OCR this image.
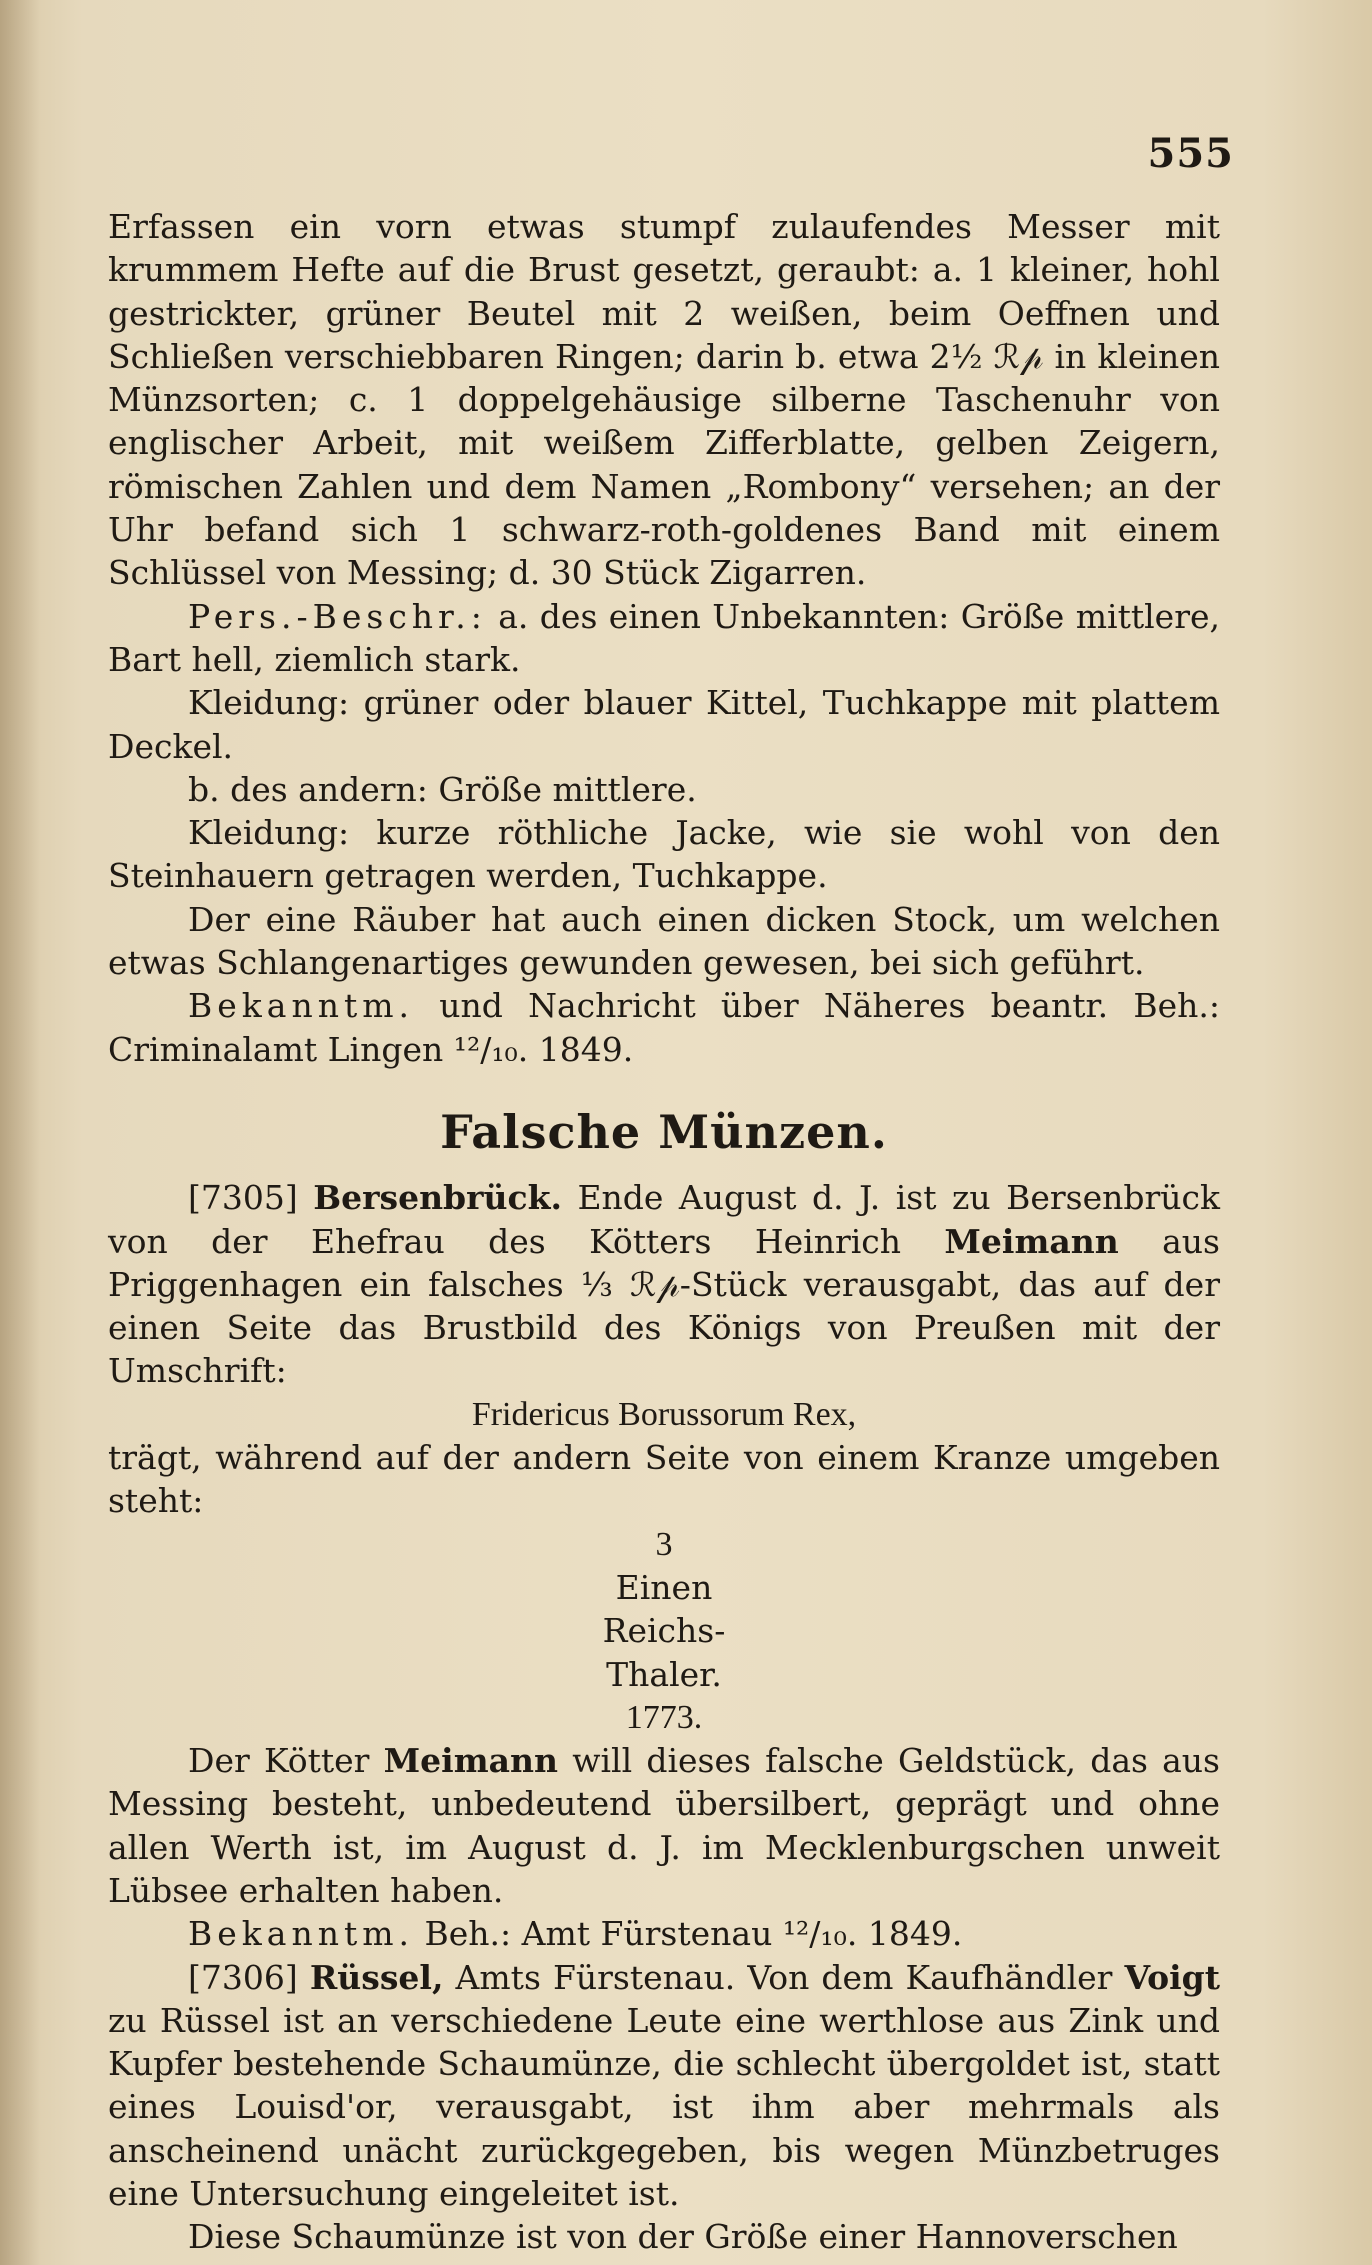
555

Erfassen ein vorn etwas stumpf zulaufendes Messer mit krummem Hefte auf die Brust gesetzt, geraubt: a. 1 kleiner, hohl gestrickter, grüner Beutel mit 2 weißen, beim Oeffnen und Schließen verschiebbaren Ringen; darin b. etwa 2½ ℛ𝓅 in kleinen Münzsorten; c. 1 doppelgehäusige silberne Taschenuhr von englischer Arbeit, mit weißem Zifferblatte, gelben Zeigern, römischen Zahlen und dem Namen „Rombony“ versehen; an der Uhr befand sich 1 schwarz-roth-goldenes Band mit einem Schlüssel von Messing; d. 30 Stück Zigarren.

Pers.-Beschr.: a. des einen Unbekannten: Größe mittlere, Bart hell, ziemlich stark.

Kleidung: grüner oder blauer Kittel, Tuchkappe mit plattem Deckel.

b. des andern: Größe mittlere.

Kleidung: kurze röthliche Jacke, wie sie wohl von den Steinhauern getragen werden, Tuchkappe.

Der eine Räuber hat auch einen dicken Stock, um welchen etwas Schlangenartiges gewunden gewesen, bei sich geführt.

Bekanntm. und Nachricht über Näheres beantr. Beh.: Criminalamt Lingen ¹²/₁₀. 1849.

Falsche Münzen.

[7305] Bersenbrück. Ende August d. J. ist zu Bersenbrück von der Ehefrau des Kötters Heinrich Meimann aus Priggenhagen ein falsches ⅓ ℛ𝓅-Stück verausgabt, das auf der einen Seite das Brustbild des Königs von Preußen mit der Umschrift:

Fridericus Borussorum Rex,

trägt, während auf der andern Seite von einem Kranze umgeben steht:

3

Einen

Reichs-

Thaler.

1773.

Der Kötter Meimann will dieses falsche Geldstück, das aus Messing besteht, unbedeutend übersilbert, geprägt und ohne allen Werth ist, im August d. J. im Mecklenburgschen unweit Lübsee erhalten haben.

Bekanntm. Beh.: Amt Fürstenau ¹²/₁₀. 1849.

[7306] Rüssel, Amts Fürstenau. Von dem Kaufhändler Voigt zu Rüssel ist an verschiedene Leute eine werthlose aus Zink und Kupfer bestehende Schaumünze, die schlecht übergoldet ist, statt eines Louisd'or, verausgabt, ist ihm aber mehrmals als anscheinend unächt zurückgegeben, bis wegen Münzbetruges eine Untersuchung eingeleitet ist.

Diese Schaumünze ist von der Größe einer Hannoverschen
